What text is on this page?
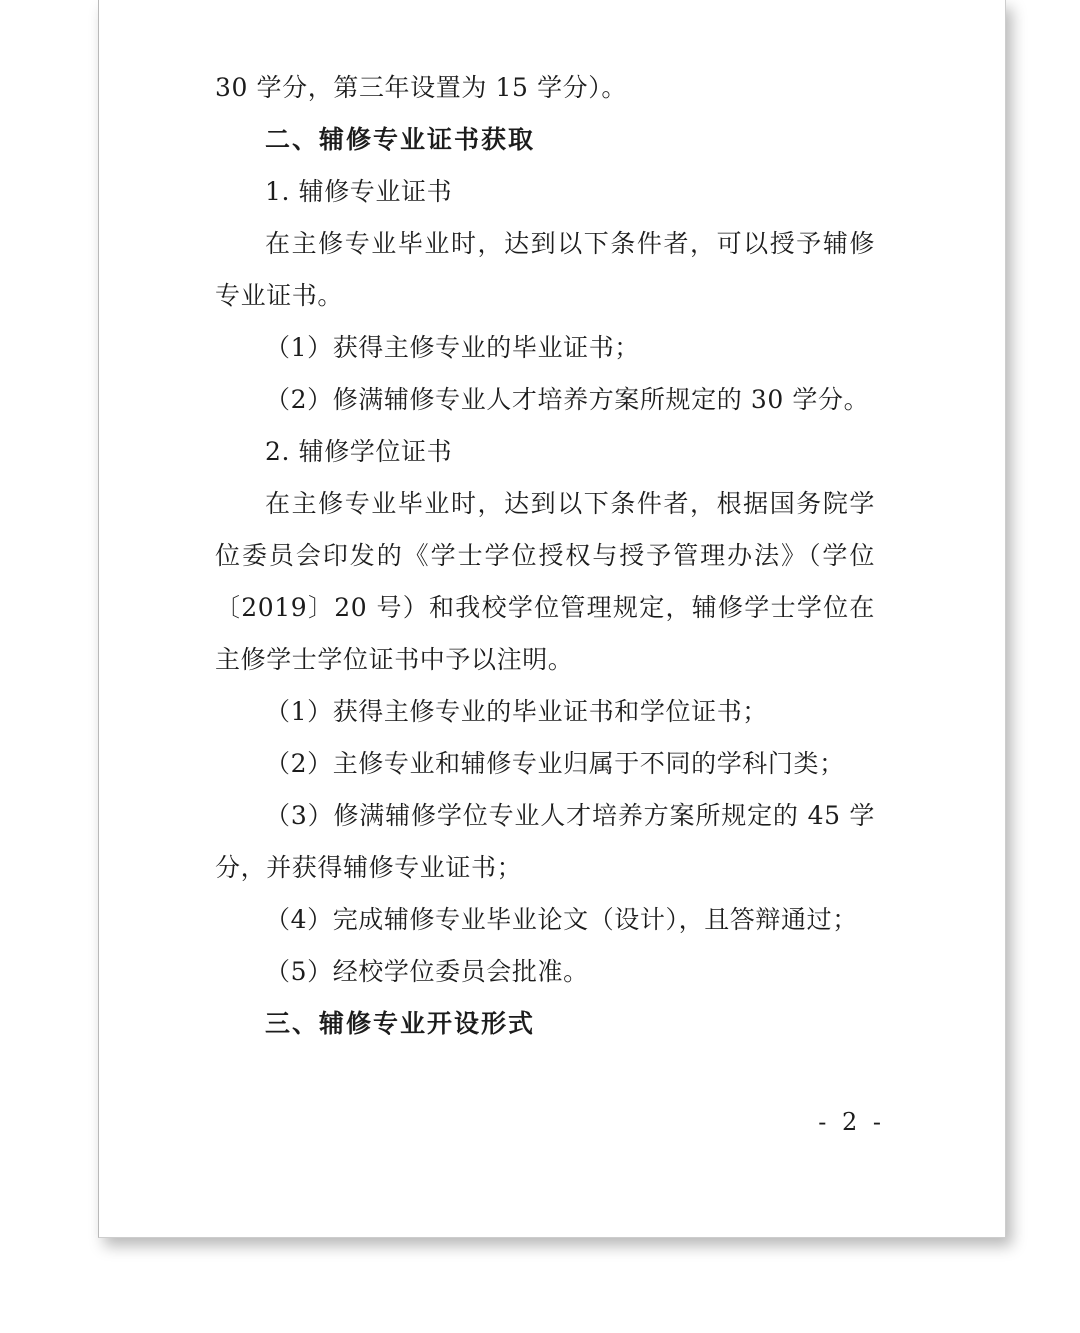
30 学分，第三年设置为 15 学分）。

二、辅修专业证书获取

1. 辅修专业证书

在主修专业毕业时，达到以下条件者，可以授予辅修专业证书。

（1）获得主修专业的毕业证书；

（2）修满辅修专业人才培养方案所规定的 30 学分。

2. 辅修学位证书

在主修专业毕业时，达到以下条件者，根据国务院学位委员会印发的《学士学位授权与授予管理办法》（学位〔2019〕20 号）和我校学位管理规定，辅修学士学位在主修学士学位证书中予以注明。

（1）获得主修专业的毕业证书和学位证书；

（2）主修专业和辅修专业归属于不同的学科门类；

（3）修满辅修学位专业人才培养方案所规定的 45 学分，并获得辅修专业证书；

（4）完成辅修专业毕业论文（设计），且答辩通过；

（5）经校学位委员会批准。

三、辅修专业开设形式

- 2 -
